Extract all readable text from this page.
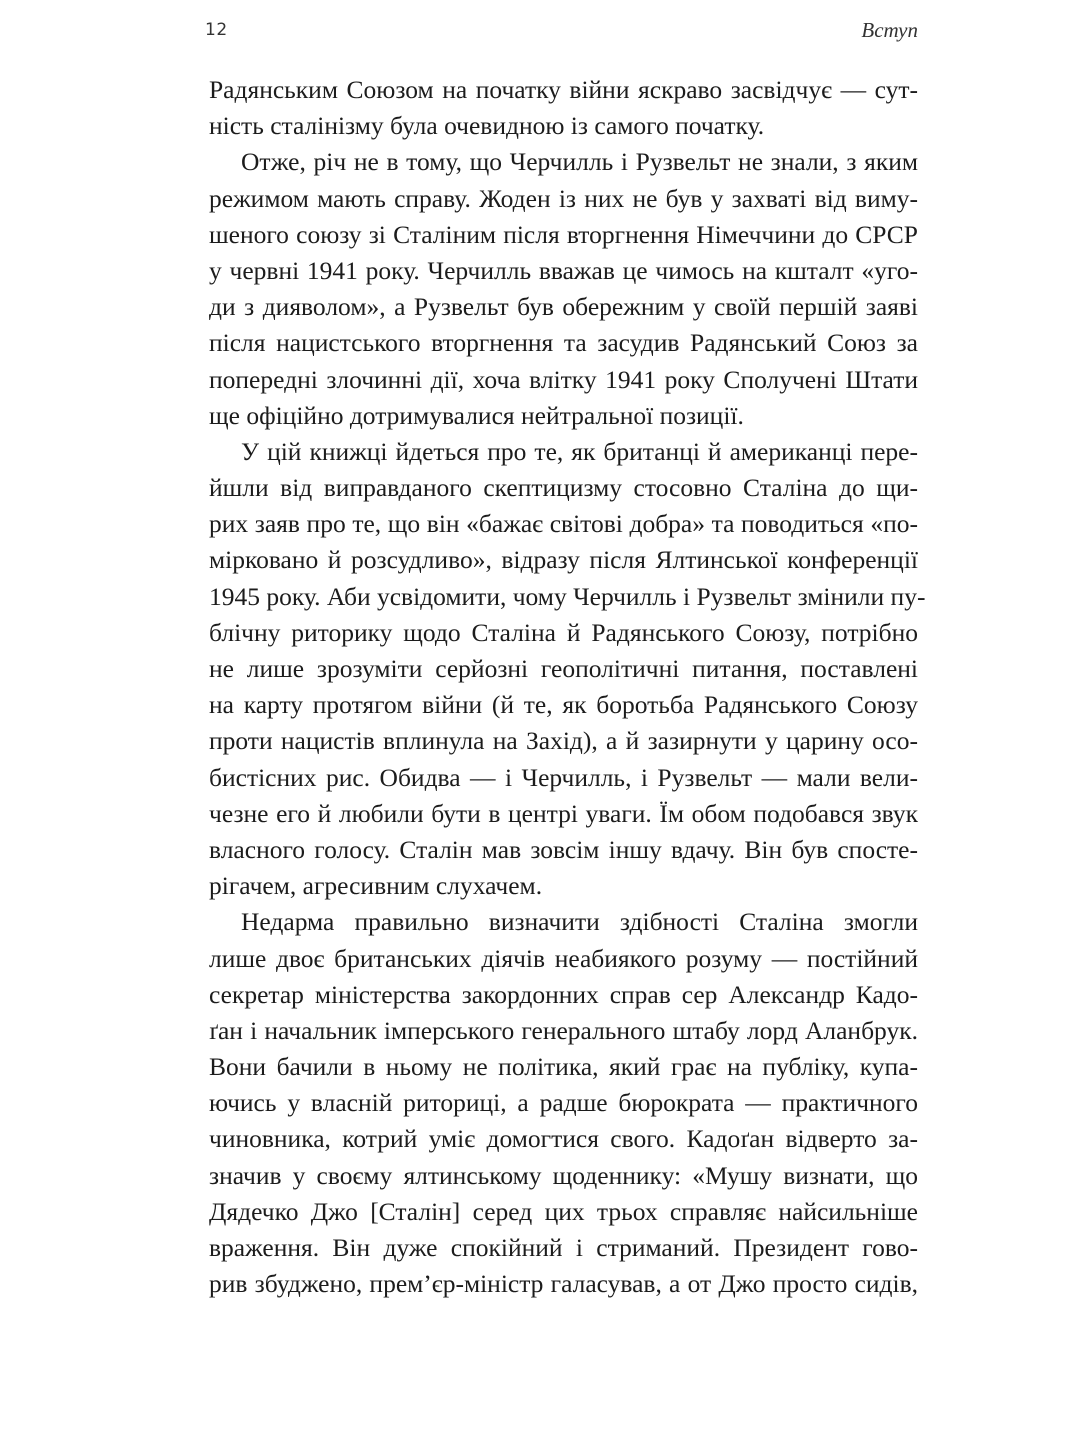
12	Вступ
Радянським Союзом на початку війни яскраво засвідчує — сут-
ність сталінізму була очевидною із самого початку.
Отже, річ не в тому, що Черчилль і Рузвельт не знали, з яким
режимом мають справу. Жоден із них не був у захваті від виму-
шеного союзу зі Сталіним після вторгнення Німеччини до СРСР
у червні 1941 року. Черчилль вважав це чимось на кшталт «уго-
ди з дияволом», а Рузвельт був обережним у своїй першій заяві
після нацистського вторгнення та засудив Радянський Союз за
попередні злочинні дії, хоча влітку 1941 року Сполучені Штати
ще офіційно дотримувалися нейтральної позиції.
У цій книжці йдеться про те, як британці й американці пере-
йшли від виправданого скептицизму стосовно Сталіна до щи-
рих заяв про те, що він «бажає світові добра» та поводиться «по-
мірковано й розсудливо», відразу після Ялтинської конференції
1945 року. Аби усвідомити, чому Черчилль і Рузвельт змінили пу-
блічну риторику щодо Сталіна й Радянського Союзу, потрібно
не лише зрозуміти серйозні геополітичні питання, поставлені
на карту протягом війни (й те, як боротьба Радянського Союзу
проти нацистів вплинула на Захід), а й зазирнути у царину осо-
бистісних рис. Обидва — і Черчилль, і Рузвельт — мали вели-
чезне его й любили бути в центрі уваги. Їм обом подобався звук
власного голосу. Сталін мав зовсім іншу вдачу. Він був спосте-
рігачем, агресивним слухачем.
Недарма правильно визначити здібності Сталіна змогли
лише двоє британських діячів неабиякого розуму — постійний
секретар міністерства закордонних справ сер Александр Кадо-
ґан і начальник імперського генерального штабу лорд Аланбрук.
Вони бачили в ньому не політика, який грає на публіку, купа-
ючись у власній риториці, а радше бюрократа — практичного
чиновника, котрий уміє домогтися свого. Кадоґан відверто за-
значив у своєму ялтинському щоденнику: «Мушу визнати, що
Дядечко Джо [Сталін] серед цих трьох справляє найсильніше
враження. Він дуже спокійний і стриманий. Президент гово-
рив збуджено, прем’єр-міністр галасував, а от Джо просто сидів,
